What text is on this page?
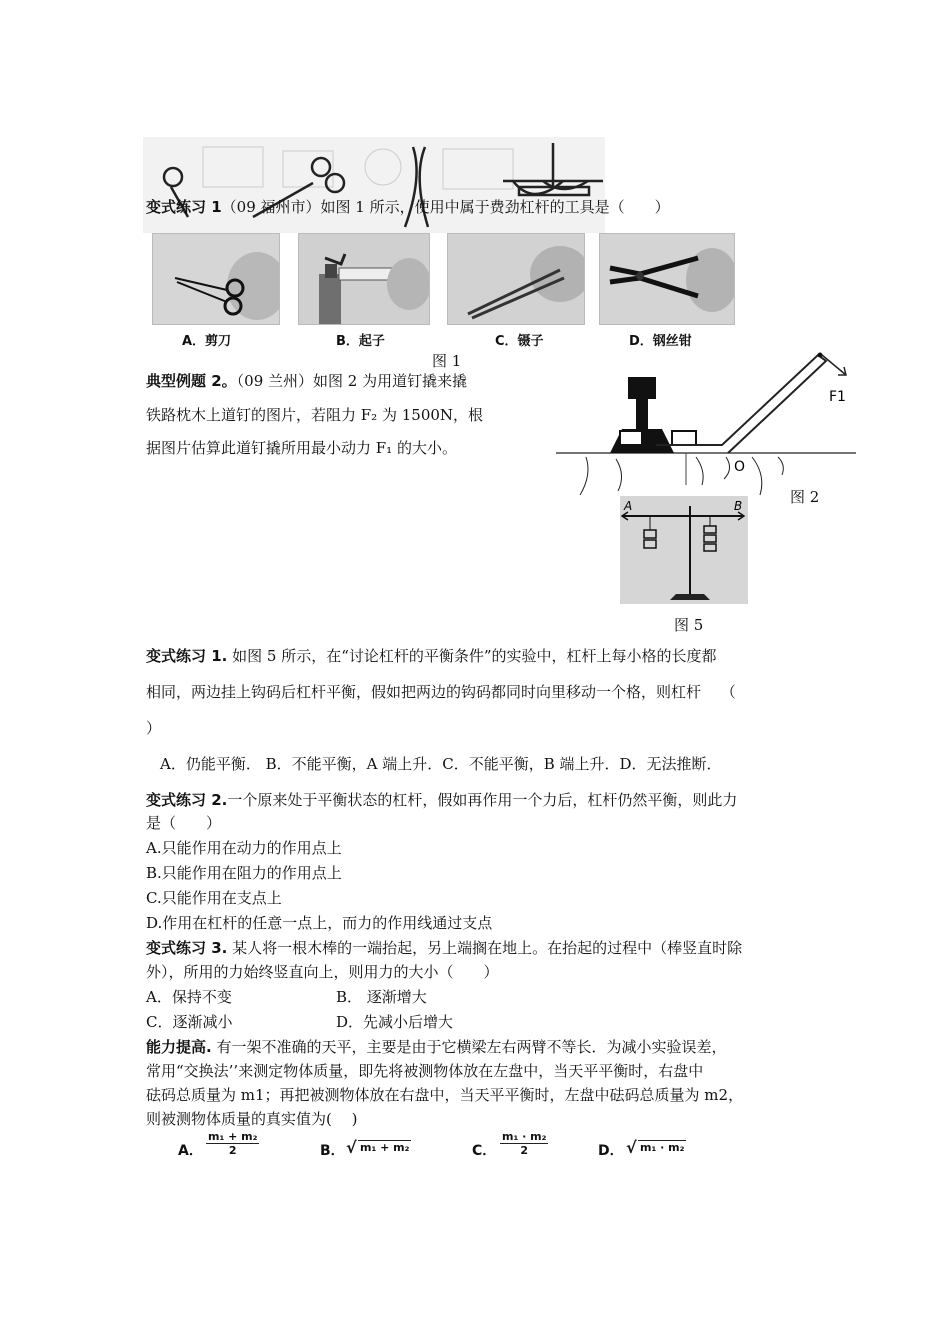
变式练习 1（09 福州市）如图 1 所示，使用中属于费劲杠杆的工具是（　　）
A．剪刀	B．起子	C．镊子	D．钢丝钳
图 1
典型例题 2。（09 兰州）如图 2 为用道钉撬来撬
铁路枕木上道钉的图片，若阻力 F₂ 为 1500N，根
据图片估算此道钉撬所用最小动力 F₁ 的大小。
F1
O
图 2
A	B
图 5
变式练习 1. 如图 5 所示，在“讨论杠杆的平衡条件”的实验中，杠杆上每小格的长度都
相同，两边挂上钩码后杠杆平衡，假如把两边的钩码都同时向里移动一个格，则杠杆　 （
）
A．仍能平衡． B．不能平衡，A 端上升．C．不能平衡，B 端上升．D．无法推断．
变式练习 2.一个原来处于平衡状态的杠杆，假如再作用一个力后，杠杆仍然平衡，则此力
是（　　）
A.只能作用在动力的作用点上
B.只能作用在阻力的作用点上
C.只能作用在支点上
D.作用在杠杆的任意一点上，而力的作用线通过支点
变式练习 3. 某人将一根木棒的一端抬起，另上端搁在地上。在抬起的过程中（棒竖直时除
外），所用的力始终竖直向上，则用力的大小（　　）
A．保持不变	B． 逐渐增大
C．逐渐减小	D．先减小后增大
能力提高. 有一架不准确的天平，主要是由于它横梁左右两臂不等长．为减小实验误差，
常用“交换法’’来测定物体质量，即先将被测物体放在左盘中，当天平平衡时，右盘中
砝码总质量为 m1；再把被测物体放在右盘中，当天平平衡时，左盘中砝码总质量为 m2，
则被测物体质量的真实值为(　 )
A． $\frac{\text{m₁ + m₂}}{2}$	B． √ m₁ + m₂	C． $\frac{\text{m₁ · m₂}}{2}$	D． √ m₁ · m₂
